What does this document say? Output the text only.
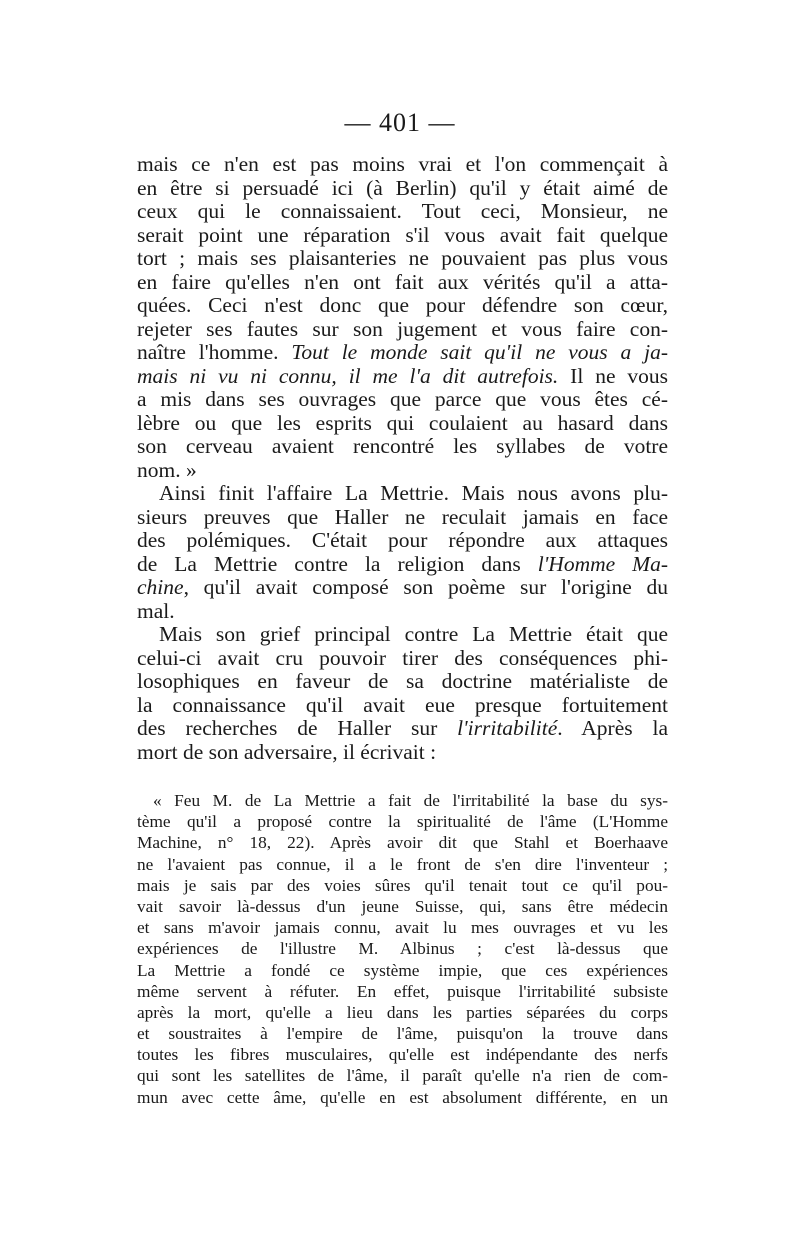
— 401 —
mais ce n'en est pas moins vrai et l'on commençait à
en être si persuadé ici (à Berlin) qu'il y était aimé de
ceux qui le connaissaient. Tout ceci, Monsieur, ne
serait point une réparation s'il vous avait fait quelque
tort ; mais ses plaisanteries ne pouvaient pas plus vous
en faire qu'elles n'en ont fait aux vérités qu'il a atta-
quées. Ceci n'est donc que pour défendre son cœur,
rejeter ses fautes sur son jugement et vous faire con-
naître l'homme. Tout le monde sait qu'il ne vous a ja-
mais ni vu ni connu, il me l'a dit autrefois. Il ne vous
a mis dans ses ouvrages que parce que vous êtes cé-
lèbre ou que les esprits qui coulaient au hasard dans
son cerveau avaient rencontré les syllabes de votre
nom. »
Ainsi finit l'affaire La Mettrie. Mais nous avons plu-
sieurs preuves que Haller ne reculait jamais en face
des polémiques. C'était pour répondre aux attaques
de La Mettrie contre la religion dans l'Homme Ma-
chine, qu'il avait composé son poème sur l'origine du
mal.
Mais son grief principal contre La Mettrie était que
celui-ci avait cru pouvoir tirer des conséquences phi-
losophiques en faveur de sa doctrine matérialiste de
la connaissance qu'il avait eue presque fortuitement
des recherches de Haller sur l'irritabilité. Après la
mort de son adversaire, il écrivait :
« Feu M. de La Mettrie a fait de l'irritabilité la base du sys-
tème qu'il a proposé contre la spiritualité de l'âme (L'Homme
Machine, n° 18, 22). Après avoir dit que Stahl et Boerhaave
ne l'avaient pas connue, il a le front de s'en dire l'inventeur ;
mais je sais par des voies sûres qu'il tenait tout ce qu'il pou-
vait savoir là-dessus d'un jeune Suisse, qui, sans être médecin
et sans m'avoir jamais connu, avait lu mes ouvrages et vu les
expériences de l'illustre M. Albinus ; c'est là-dessus que
La Mettrie a fondé ce système impie, que ces expériences
même servent à réfuter. En effet, puisque l'irritabilité subsiste
après la mort, qu'elle a lieu dans les parties séparées du corps
et soustraites à l'empire de l'âme, puisqu'on la trouve dans
toutes les fibres musculaires, qu'elle est indépendante des nerfs
qui sont les satellites de l'âme, il paraît qu'elle n'a rien de com-
mun avec cette âme, qu'elle en est absolument différente, en un
